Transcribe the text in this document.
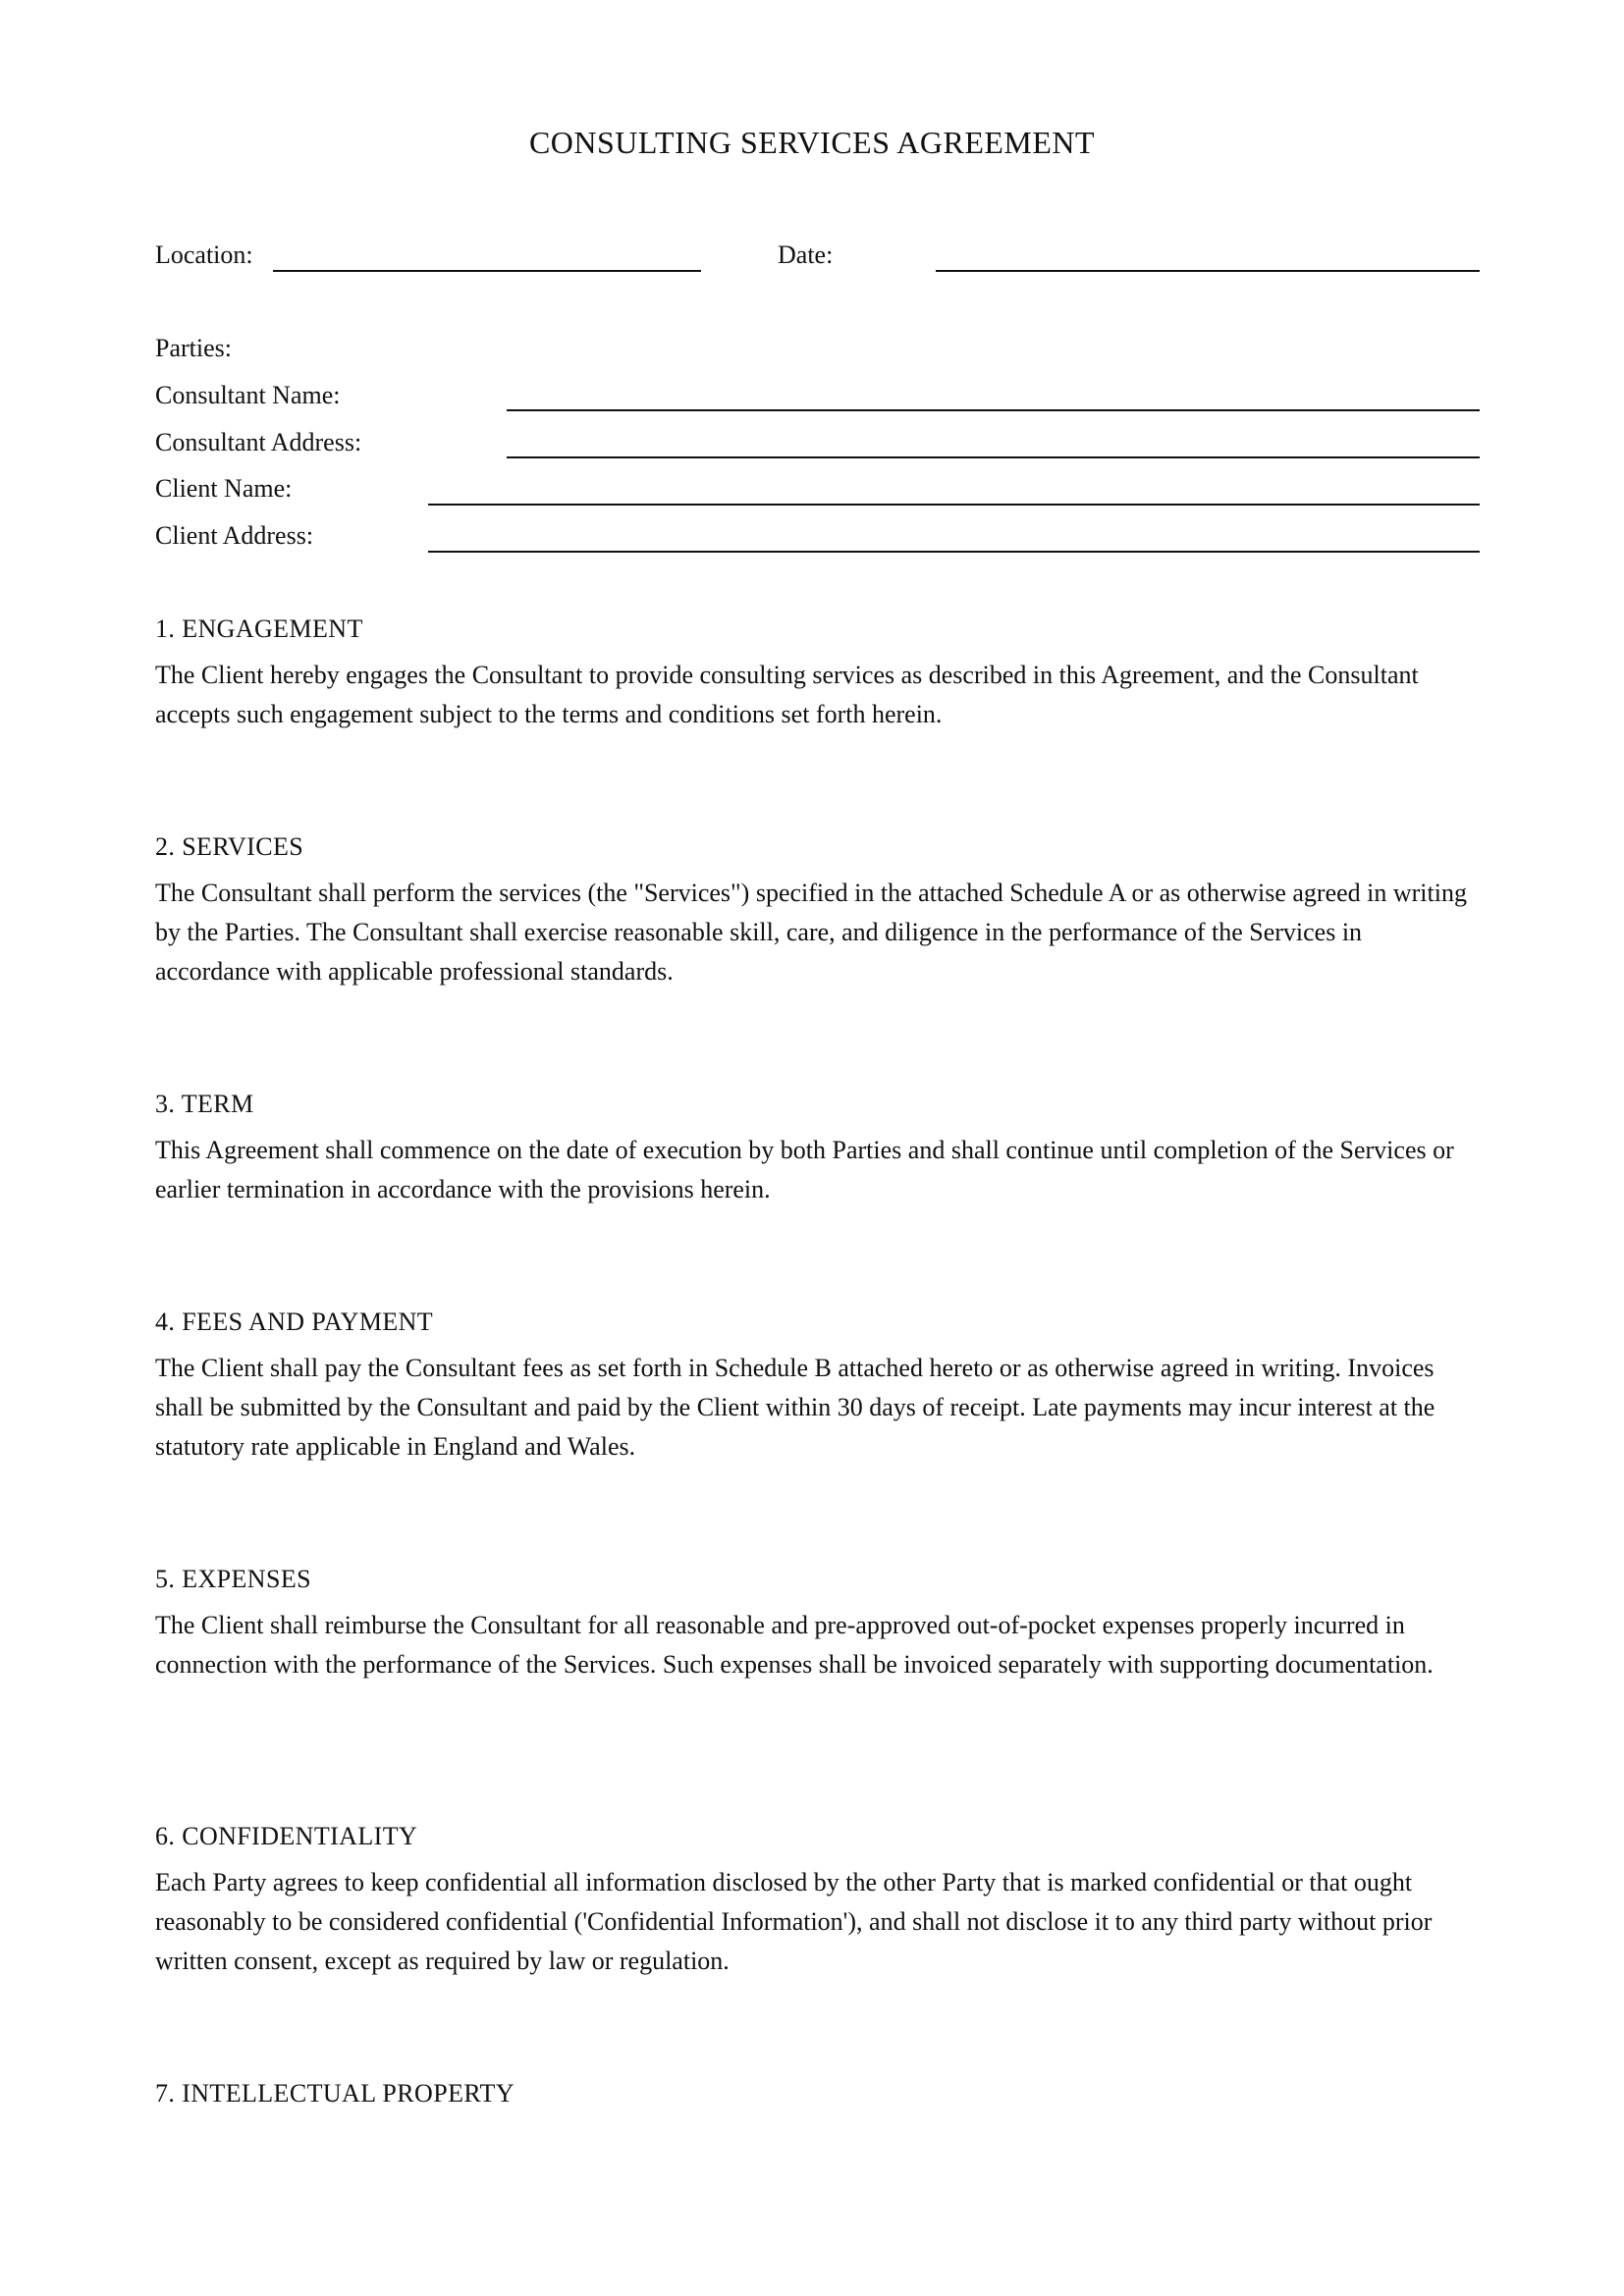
CONSULTING SERVICES AGREEMENT
Location:	Date:
Parties:
Consultant Name:
Consultant Address:
Client Name:
Client Address:
1. ENGAGEMENT

The Client hereby engages the Consultant to provide consulting services as described in this Agreement, and the Consultant accepts such engagement subject to the terms and conditions set forth herein.

2. SERVICES

The Consultant shall perform the services (the "Services") specified in the attached Schedule A or as otherwise agreed in writing by the Parties. The Consultant shall exercise reasonable skill, care, and diligence in the performance of the Services in accordance with applicable professional standards.

3. TERM

This Agreement shall commence on the date of execution by both Parties and shall continue until completion of the Services or earlier termination in accordance with the provisions herein.

4. FEES AND PAYMENT

The Client shall pay the Consultant fees as set forth in Schedule B attached hereto or as otherwise agreed in writing. Invoices shall be submitted by the Consultant and paid by the Client within 30 days of receipt. Late payments may incur interest at the statutory rate applicable in England and Wales.

5. EXPENSES

The Client shall reimburse the Consultant for all reasonable and pre-approved out-of-pocket expenses properly incurred in connection with the performance of the Services. Such expenses shall be invoiced separately with supporting documentation.

6. CONFIDENTIALITY

Each Party agrees to keep confidential all information disclosed by the other Party that is marked confidential or that ought reasonably to be considered confidential ('Confidential Information'), and shall not disclose it to any third party without prior written consent, except as required by law or regulation.

7. INTELLECTUAL PROPERTY
